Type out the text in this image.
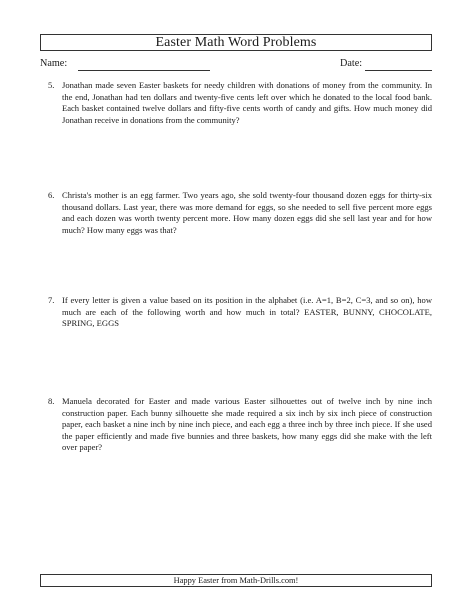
Easter Math Word Problems
Name:	Date:
5. Jonathan made seven Easter baskets for needy children with donations of money from the community. In the end, Jonathan had ten dollars and twenty-five cents left over which he donated to the local food bank. Each basket contained twelve dollars and fifty-five cents worth of candy and gifts. How much money did Jonathan receive in donations from the community?
6. Christa's mother is an egg farmer. Two years ago, she sold twenty-four thousand dozen eggs for thirty-six thousand dollars. Last year, there was more demand for eggs, so she needed to sell five percent more eggs and each dozen was worth twenty percent more. How many dozen eggs did she sell last year and for how much? How many eggs was that?
7. If every letter is given a value based on its position in the alphabet (i.e. A=1, B=2, C=3, and so on), how much are each of the following worth and how much in total? EASTER, BUNNY, CHOCOLATE, SPRING, EGGS
8. Manuela decorated for Easter and made various Easter silhouettes out of twelve inch by nine inch construction paper. Each bunny silhouette she made required a six inch by six inch piece of construction paper, each basket a nine inch by nine inch piece, and each egg a three inch by three inch piece. If she used the paper efficiently and made five bunnies and three baskets, how many eggs did she make with the left over paper?
Happy Easter from Math-Drills.com!
